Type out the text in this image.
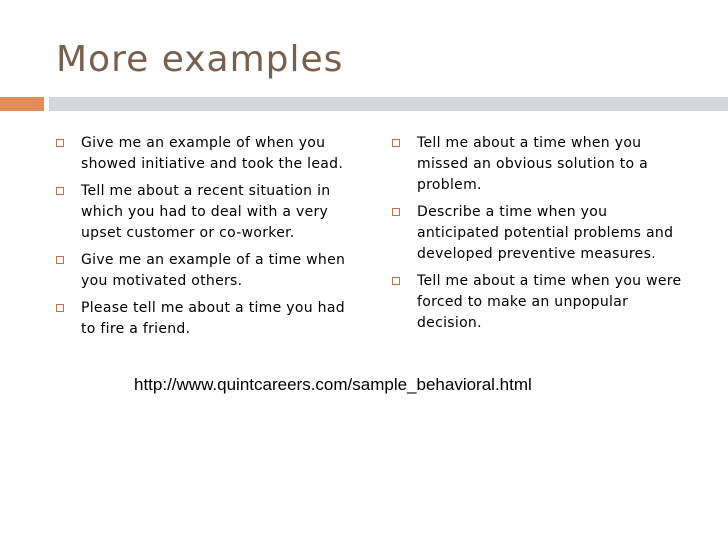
More examples
Give me an example of when you showed initiative and took the lead.
Tell me about a recent situation in which you had to deal with a very upset customer or co-worker.
Give me an example of a time when you motivated others.
Please tell me about a time you had to fire a friend.
Tell me about a time when you missed an obvious solution to a problem.
Describe a time when you anticipated potential problems and developed preventive measures.
Tell me about a time when you were forced to make an unpopular decision.
http://www.quintcareers.com/sample_behavioral.html
